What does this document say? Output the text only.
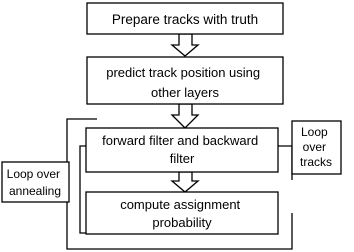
Prepare tracks with truth
predict track position using other layers
forward filter and backward filter
compute assignment probability
Loop over tracks
Loop over annealing
